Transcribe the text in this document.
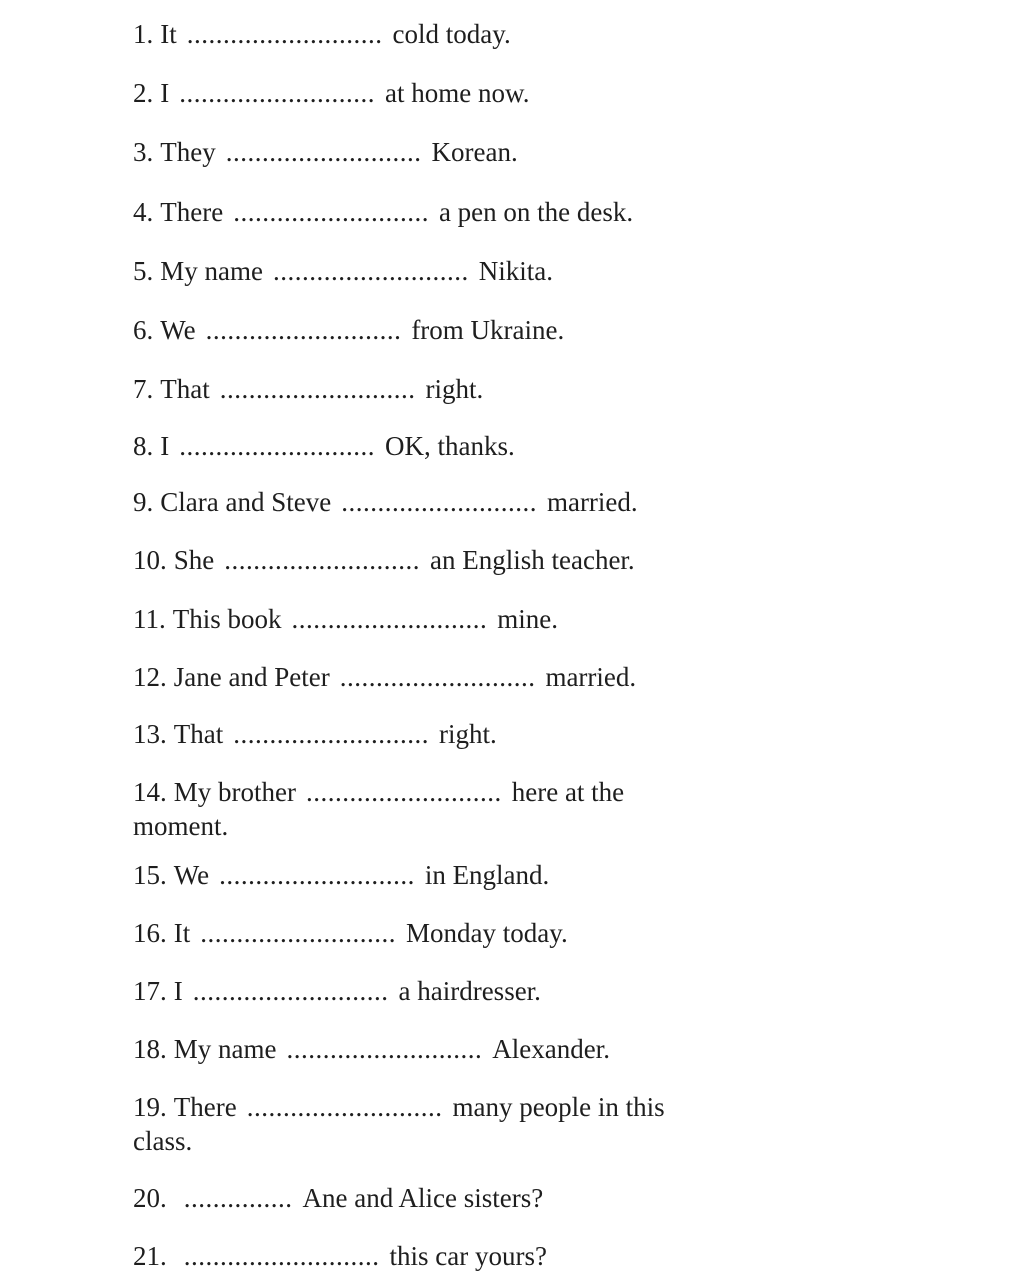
1. It ........................... cold today.
2. I ........................... at home now.
3. They ........................... Korean.
4. There ........................... a pen on the desk.
5. My name ........................... Nikita.
6. We ........................... from Ukraine.
7. That ........................... right.
8. I ........................... OK, thanks.
9. Clara and Steve ........................... married.
10. She ........................... an English teacher.
11. This book ........................... mine.
12. Jane and Peter ........................... married.
13. That ........................... right.
14. My brother ........................... here at the
moment.
15. We ........................... in England.
16. It ........................... Monday today.
17. I ........................... a hairdresser.
18. My name ........................... Alexander.
19. There ........................... many people in this
class.
20. ............... Ane and Alice sisters?
21. ........................... this car yours?
